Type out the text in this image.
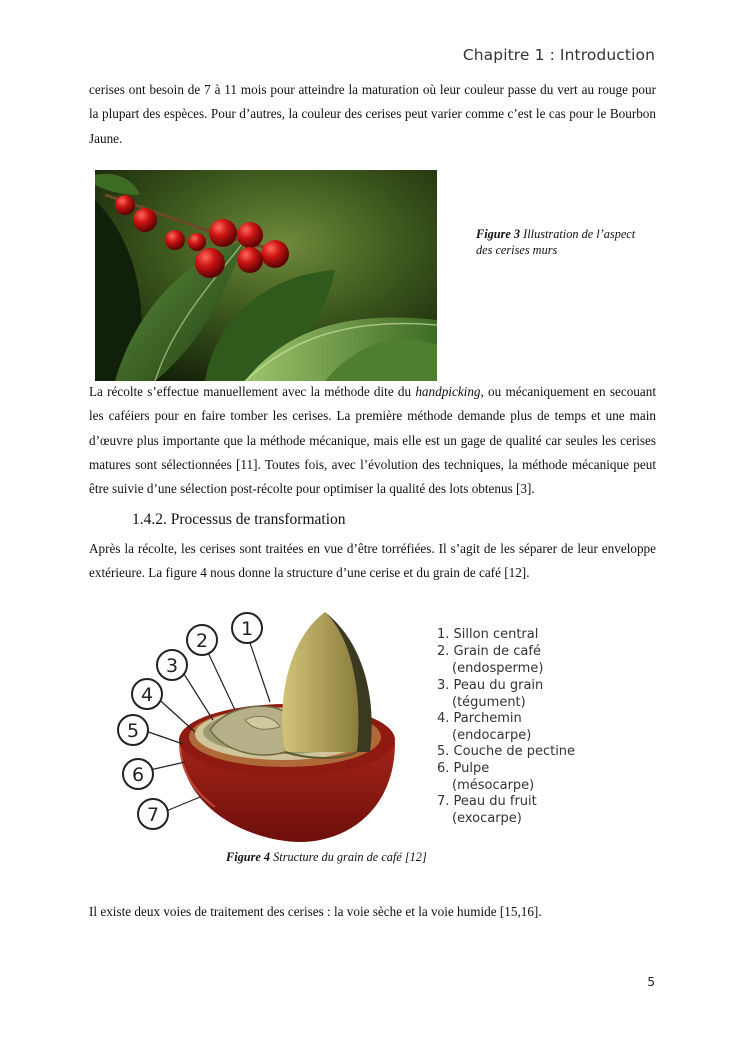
Chapitre 1 : Introduction
cerises ont besoin de 7 à 11 mois pour atteindre la maturation où leur couleur passe du vert au rouge pour la plupart des espèces. Pour d’autres, la couleur des cerises peut varier comme c’est le cas pour le Bourbon Jaune.
Figure 3 Illustration de l’aspect des cerises murs
La récolte s’effectue manuellement avec la méthode dite du handpicking, ou mécaniquement en secouant les caféiers pour en faire tomber les cerises. La première méthode demande plus de temps et une main d’œuvre plus importante que la méthode mécanique, mais elle est un gage de qualité car seules les cerises matures sont sélectionnées [11]. Toutes fois, avec l’évolution des techniques, la méthode mécanique peut être suivie d’une sélection post-récolte pour optimiser la qualité des lots obtenus [3].
1.4.2. Processus de transformation
Après la récolte, les cerises sont traitées en vue d’être torréfiées. Il s’agit de les séparer de leur enveloppe extérieure. La figure 4 nous donne la structure d’une cerise et du grain de café [12].
1
2
3
4
5
6
7
1. Sillon central
2. Grain de café
(endosperme)
3. Peau du grain
(tégument)
4. Parchemin
(endocarpe)
5. Couche de pectine
6. Pulpe
(mésocarpe)
7. Peau du fruit
(exocarpe)
Figure 4 Structure du grain de café [12]
Il existe deux voies de traitement des cerises : la voie sèche et la voie humide [15,16].
5
